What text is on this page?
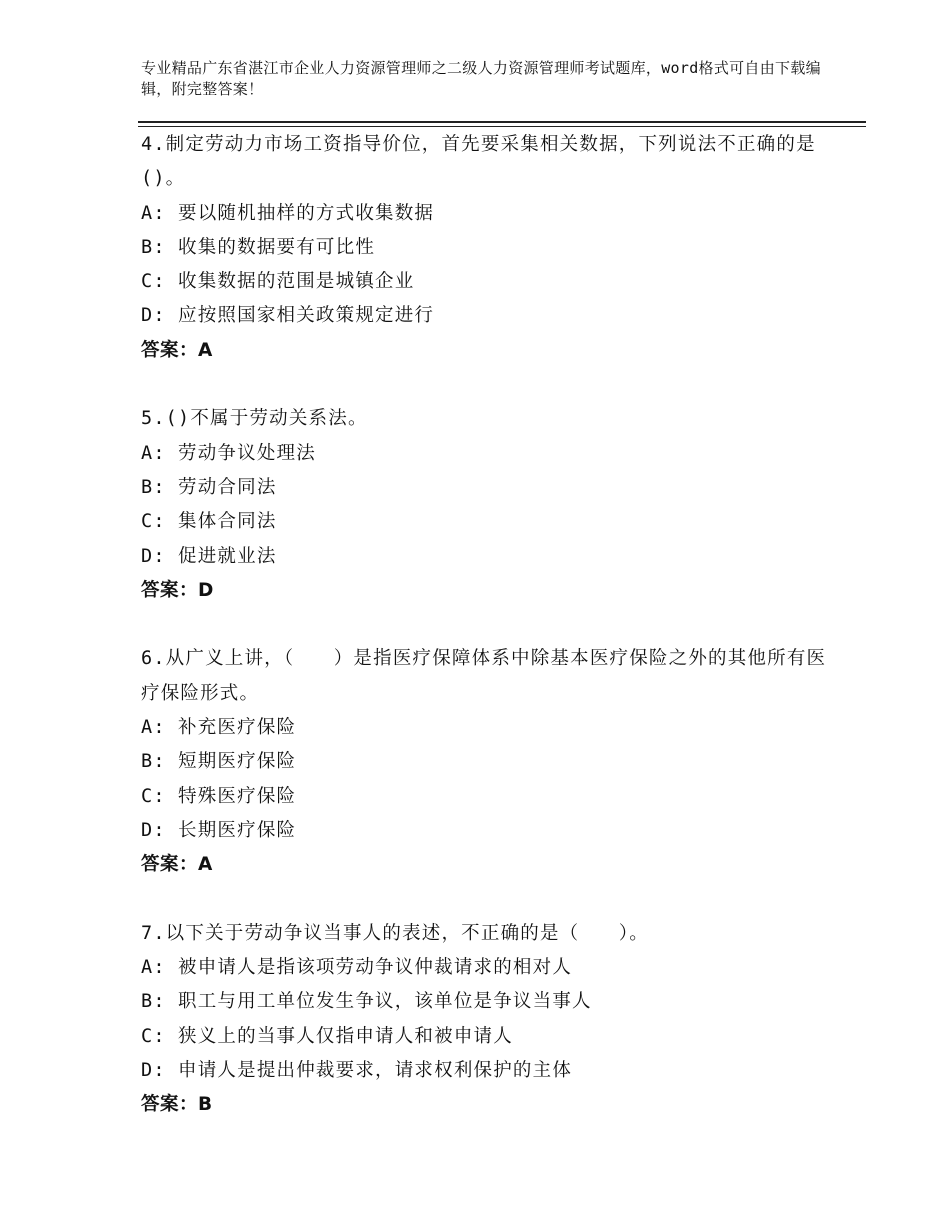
专业精品广东省湛江市企业人力资源管理师之二级人力资源管理师考试题库，word格式可自由下载编辑，附完整答案！

4.制定劳动力市场工资指导价位，首先要采集相关数据，下列说法不正确的是()。

A: 要以随机抽样的方式收集数据

B: 收集的数据要有可比性

C: 收集数据的范围是城镇企业

D: 应按照国家相关政策规定进行

答案：A

5.()不属于劳动关系法。

A: 劳动争议处理法

B: 劳动合同法

C: 集体合同法

D: 促进就业法

答案：D

6.从广义上讲，（　　）是指医疗保障体系中除基本医疗保险之外的其他所有医疗保险形式。

A: 补充医疗保险

B: 短期医疗保险

C: 特殊医疗保险

D: 长期医疗保险

答案：A

7.以下关于劳动争议当事人的表述，不正确的是（　　）。

A: 被申请人是指该项劳动争议仲裁请求的相对人

B: 职工与用工单位发生争议，该单位是争议当事人

C: 狭义上的当事人仅指申请人和被申请人

D: 申请人是提出仲裁要求，请求权利保护的主体

答案：B
